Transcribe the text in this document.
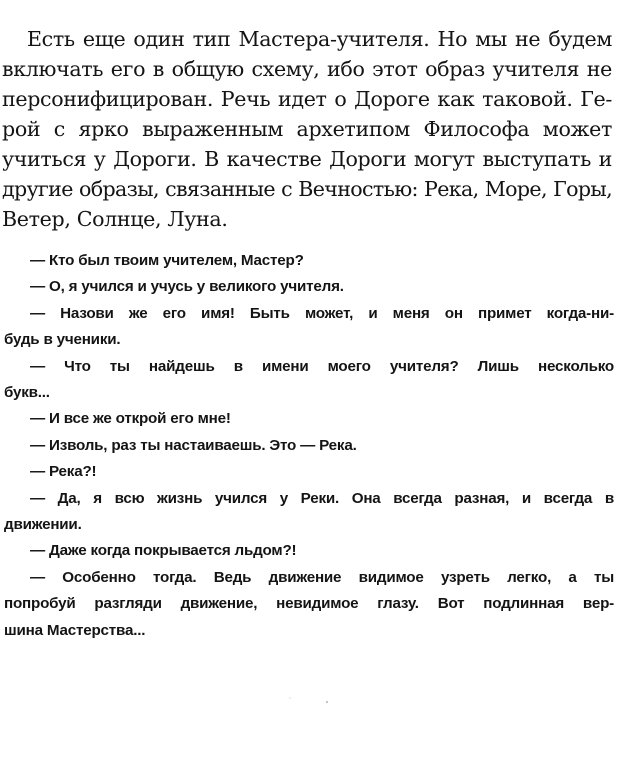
Есть еще один тип Мастера-учителя. Но мы не будем
включать его в общую схему, ибо этот образ учителя не
персонифицирован. Речь идет о Дороге как таковой. Ге-
рой с ярко выраженным архетипом Философа может
учиться у Дороги. В качестве Дороги могут выступать и
другие образы, связанные с Вечностью: Река, Море, Горы,
Ветер, Солнце, Луна.
— Кто был твоим учителем, Мастер?
— О, я учился и учусь у великого учителя.
— Назови же его имя! Быть может, и меня он примет когда-ни-
будь в ученики.
— Что ты найдешь в имени моего учителя? Лишь несколько
букв...
— И все же открой его мне!
— Изволь, раз ты настаиваешь. Это — Река.
— Река?!
— Да, я всю жизнь учился у Реки. Она всегда разная, и всегда в
движении.
— Даже когда покрывается льдом?!
— Особенно тогда. Ведь движение видимое узреть легко, а ты
попробуй разгляди движение, невидимое глазу. Вот подлинная вер-
шина Мастерства...
